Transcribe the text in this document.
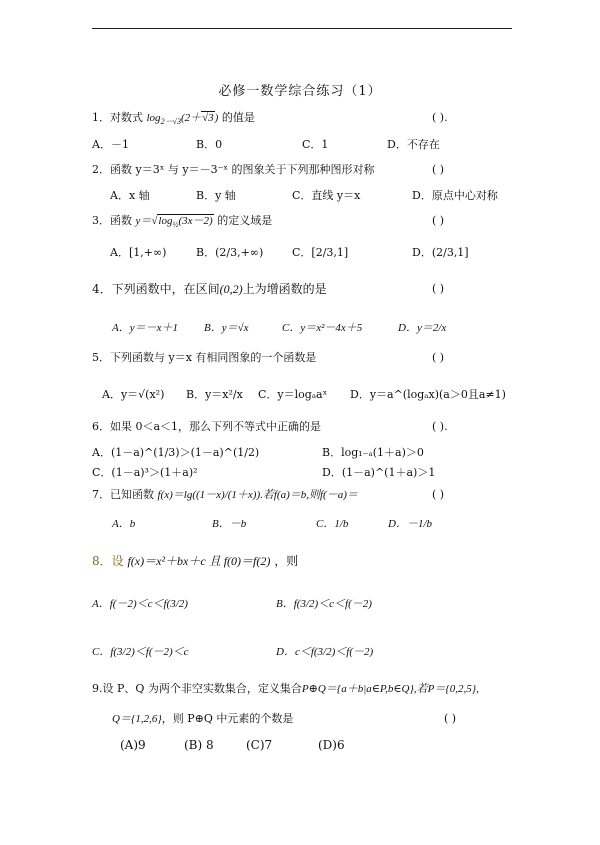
必修一数学综合练习（1）
1．对数式 $\log_{2-√3}(2+√3)$ 的值是	( ).
A．－1	B．0	C．1	D．不存在
2．函数 y＝3ˣ 与 y＝－3⁻ˣ 的图象关于下列那种图形对称	( )
A．x 轴	B．y 轴	C．直线 y＝x	D．原点中心对称
3．函数 $y=√\log_{\frac{1}{2}}(3x-2)$ 的定义域是	( )
A．[1,+∞)	B．(2/3,+∞)	C．[2/3,1]	D．(2/3,1]
4．下列函数中，在区间(0,2)上为增函数的是	( )
A．y＝－x＋1 B．y＝√x	C．y＝x²－4x＋5	D．y＝2/x
5．下列函数与 y＝x 有相同图象的一个函数是	( )
A．y＝√(x²) B．y＝x²/x C．y＝logₐaˣ D．y＝a^(logₐx)(a＞0且a≠1)
6．如果 0＜a＜1，那么下列不等式中正确的是	( ).
A．(1－a)^(1/3)＞(1－a)^(1/2)	B．log₁₋ₐ(1＋a)＞0
C．(1－a)³＞(1＋a)²	D．(1－a)^(1＋a)＞1
7．已知函数 f(x)＝lg((1－x)/(1＋x)).若f(a)＝b,则f(－a)＝	( )
A．b	B．－b	C．1/b	D．－1/b
8．设 f(x)＝x²＋bx＋c 且 f(0)＝f(2) ，则
A．f(－2)＜c＜f(3/2)	B．f(3/2)＜c＜f(－2)
C．f(3/2)＜f(－2)＜c	D．c＜f(3/2)＜f(－2)
9.设 P、Q 为两个非空实数集合，定义集合P⊕Q＝{a＋b|a∈P,b∈Q},若P＝{0,2,5},
Q＝{1,2,6}，则 P⊕Q 中元素的个数是	( )
(A)9	(B) 8	(C)7	(D)6
